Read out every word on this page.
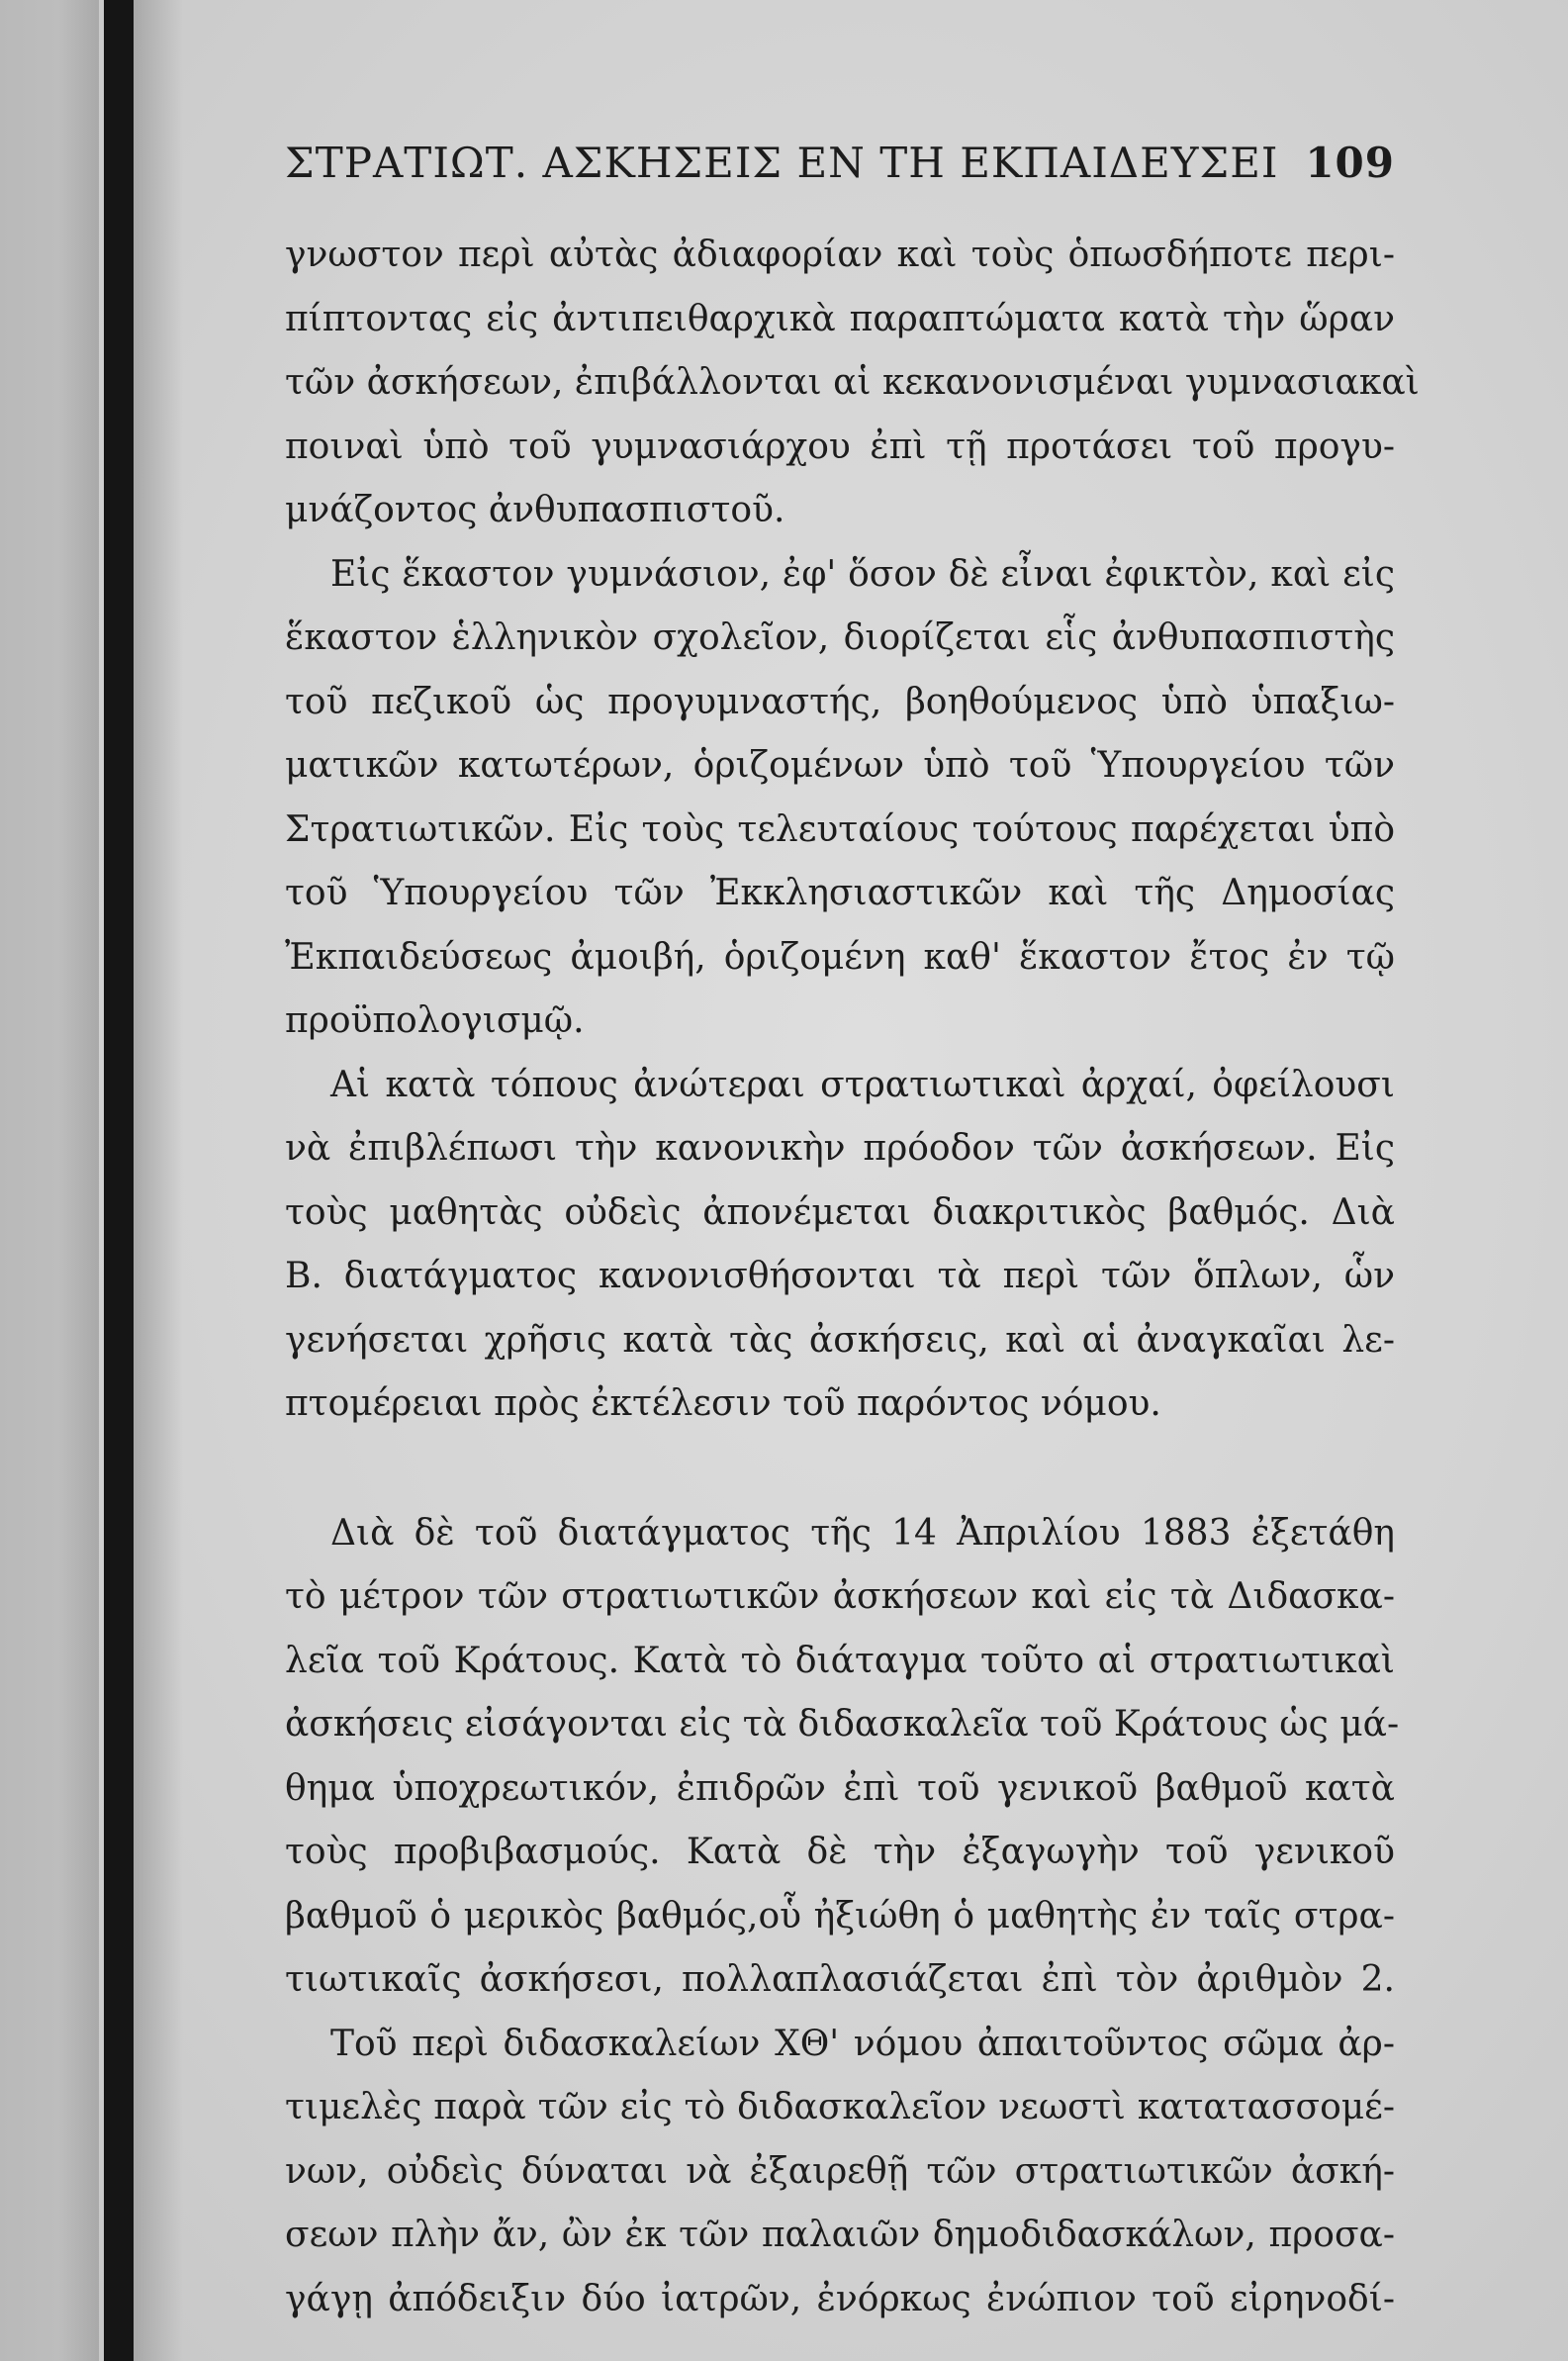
ΣΤΡΑΤΙΩΤ. ΑΣΚΗΣΕΙΣ ΕΝ ΤΗ ΕΚΠΑΙΔΕΥΣΕΙ 109
γνωστον περὶ αὐτὰς ἀδιαφορίαν καὶ τοὺς ὁπωσδήποτε περι-
πίπτοντας εἰς ἀντιπειθαρχικὰ παραπτώματα κατὰ τὴν ὥραν
τῶν ἀσκήσεων, ἐπιβάλλονται αἱ κεκανονισμέναι γυμνασιακαὶ
ποιναὶ ὑπὸ τοῦ γυμνασιάρχου ἐπὶ τῇ προτάσει τοῦ προγυ-
μνάζοντος ἀνθυπασπιστοῦ.
Εἰς ἕκαστον γυμνάσιον, ἐφ' ὅσον δὲ εἶναι ἐφικτὸν, καὶ εἰς
ἕκαστον ἑλληνικὸν σχολεῖον, διορίζεται εἷς ἀνθυπασπιστὴς
τοῦ πεζικοῦ ὡς προγυμναστής, βοηθούμενος ὑπὸ ὑπαξιω-
ματικῶν κατωτέρων, ὁριζομένων ὑπὸ τοῦ Ὑπουργείου τῶν
Στρατιωτικῶν. Εἰς τοὺς τελευταίους τούτους παρέχεται ὑπὸ
τοῦ Ὑπουργείου τῶν Ἐκκλησιαστικῶν καὶ τῆς Δημοσίας
Ἐκπαιδεύσεως ἀμοιβή, ὁριζομένη καθ' ἕκαστον ἔτος ἐν τῷ
προϋπολογισμῷ.
Αἱ κατὰ τόπους ἀνώτεραι στρατιωτικαὶ ἀρχαί, ὀφείλουσι
νὰ ἐπιβλέπωσι τὴν κανονικὴν πρόοδον τῶν ἀσκήσεων. Εἰς
τοὺς μαθητὰς οὐδεὶς ἀπονέμεται διακριτικὸς βαθμός. Διὰ
Β. διατάγματος κανονισθήσονται τὰ περὶ τῶν ὅπλων, ὧν
γενήσεται χρῆσις κατὰ τὰς ἀσκήσεις, καὶ αἱ ἀναγκαῖαι λε-
πτομέρειαι πρὸς ἐκτέλεσιν τοῦ παρόντος νόμου.
Διὰ δὲ τοῦ διατάγματος τῆς 14 Ἀπριλίου 1883 ἐξετάθη
τὸ μέτρον τῶν στρατιωτικῶν ἀσκήσεων καὶ εἰς τὰ Διδασκα-
λεῖα τοῦ Κράτους. Κατὰ τὸ διάταγμα τοῦτο αἱ στρατιωτικαὶ
ἀσκήσεις εἰσάγονται εἰς τὰ διδασκαλεῖα τοῦ Κράτους ὡς μά-
θημα ὑποχρεωτικόν, ἐπιδρῶν ἐπὶ τοῦ γενικοῦ βαθμοῦ κατὰ
τοὺς προβιβασμούς. Κατὰ δὲ τὴν ἐξαγωγὴν τοῦ γενικοῦ
βαθμοῦ ὁ μερικὸς βαθμός,οὗ ἠξιώθη ὁ μαθητὴς ἐν ταῖς στρα-
τιωτικαῖς ἀσκήσεσι, πολλαπλασιάζεται ἐπὶ τὸν ἀριθμὸν 2.
Τοῦ περὶ διδασκαλείων ΧΘ' νόμου ἀπαιτοῦντος σῶμα ἀρ-
τιμελὲς παρὰ τῶν εἰς τὸ διδασκαλεῖον νεωστὶ κατατασσομέ-
νων, οὐδεὶς δύναται νὰ ἐξαιρεθῇ τῶν στρατιωτικῶν ἀσκή-
σεων πλὴν ἄν, ὢν ἐκ τῶν παλαιῶν δημοδιδασκάλων, προσα-
γάγῃ ἀπόδειξιν δύο ἰατρῶν, ἐνόρκως ἐνώπιον τοῦ εἰρηνοδί-
